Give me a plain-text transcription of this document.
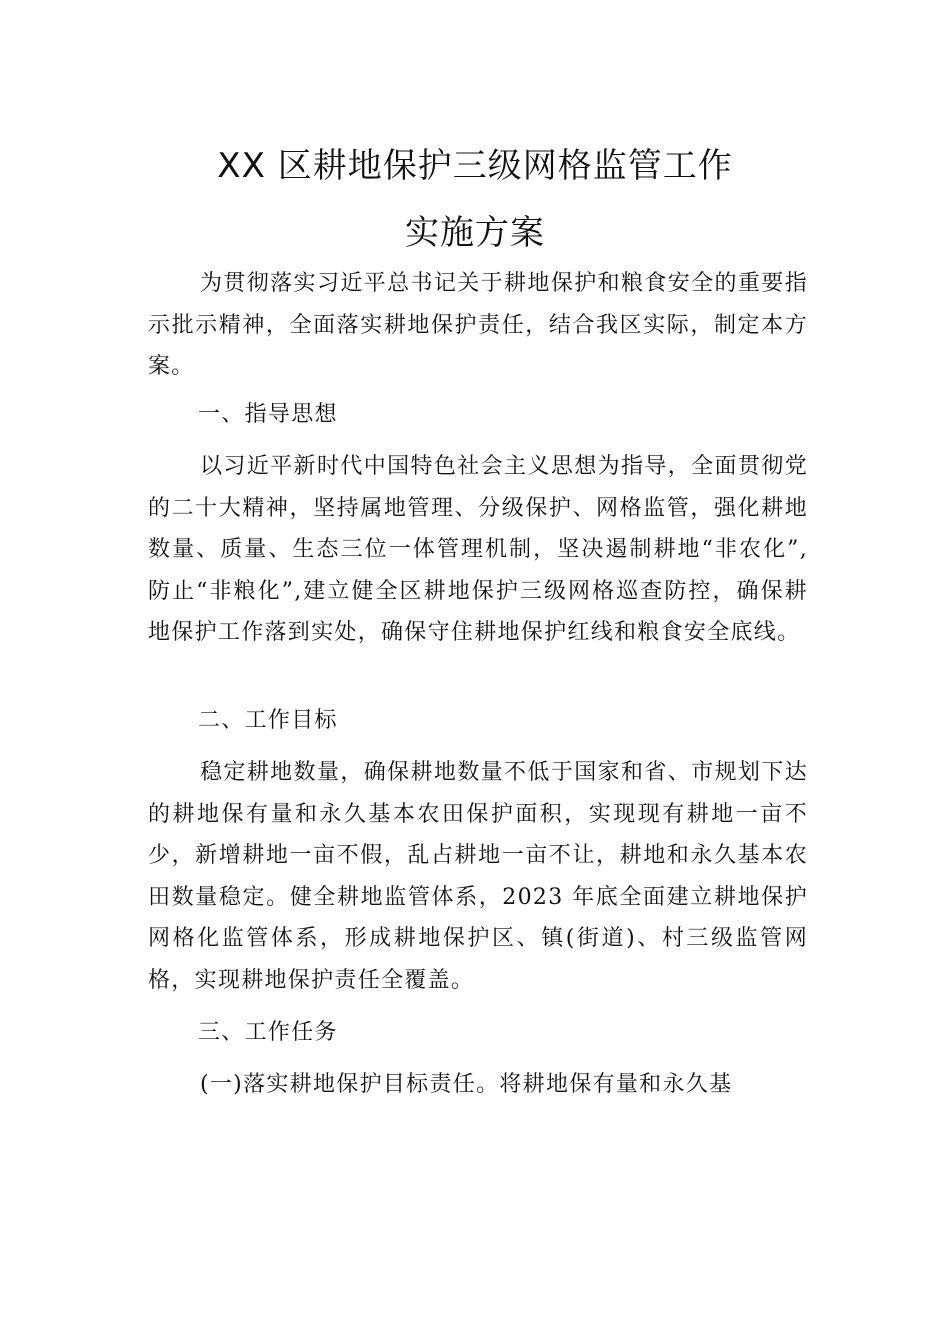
XX 区耕地保护三级网格监管工作
实施方案
为贯彻落实习近平总书记关于耕地保护和粮食安全的重要指示批示精神，全面落实耕地保护责任，结合我区实际，制定本方案。
一、指导思想
以习近平新时代中国特色社会主义思想为指导，全面贯彻党的二十大精神，坚持属地管理、分级保护、网格监管，强化耕地数量、质量、生态三位一体管理机制，坚决遏制耕地“非农化”,防止“非粮化”,建立健全区耕地保护三级网格巡查防控，确保耕地保护工作落到实处，确保守住耕地保护红线和粮食安全底线。
二、工作目标
稳定耕地数量，确保耕地数量不低于国家和省、市规划下达的耕地保有量和永久基本农田保护面积，实现现有耕地一亩不少，新增耕地一亩不假，乱占耕地一亩不让，耕地和永久基本农田数量稳定。健全耕地监管体系，2023 年底全面建立耕地保护网格化监管体系，形成耕地保护区、镇(街道)、村三级监管网格，实现耕地保护责任全覆盖。
三、工作任务
(一)落实耕地保护目标责任。将耕地保有量和永久基
